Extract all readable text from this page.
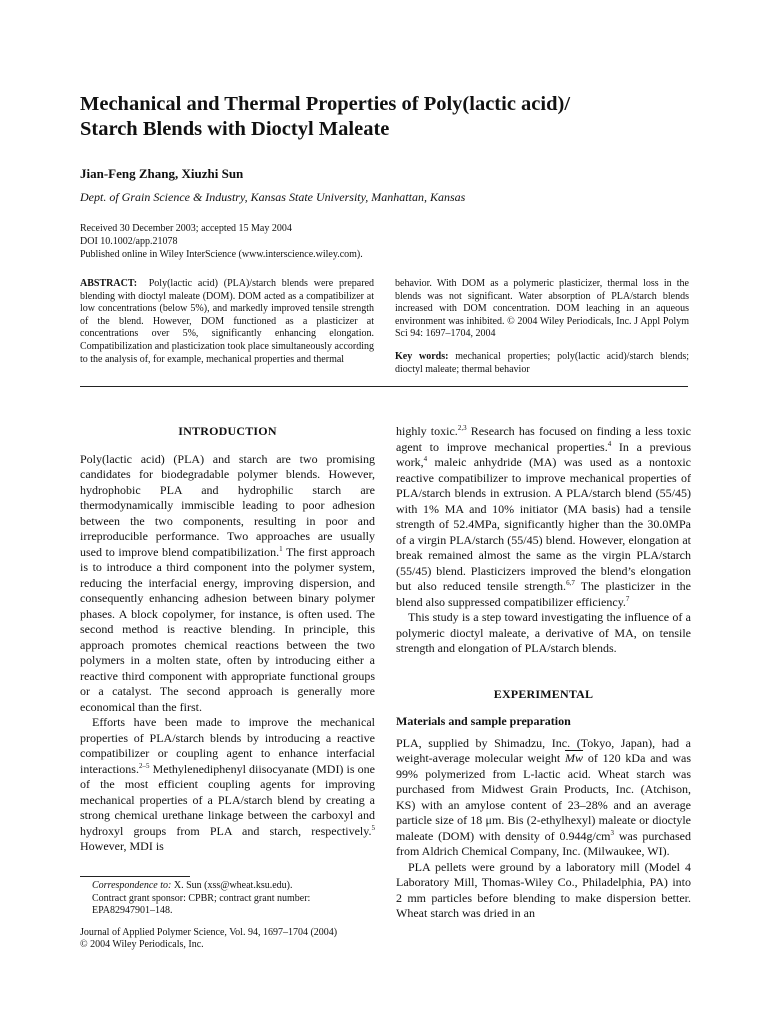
Mechanical and Thermal Properties of Poly(lactic acid)/
Starch Blends with Dioctyl Maleate
Jian-Feng Zhang, Xiuzhi Sun
Dept. of Grain Science & Industry, Kansas State University, Manhattan, Kansas
Received 30 December 2003; accepted 15 May 2004
DOI 10.1002/app.21078
Published online in Wiley InterScience (www.interscience.wiley.com).

ABSTRACT: Poly(lactic acid) (PLA)/starch blends were prepared blending with dioctyl maleate (DOM). DOM acted as a compatibilizer at low concentrations (below 5%), and markedly improved tensile strength of the blend. However, DOM functioned as a plasticizer at concentrations over 5%, significantly enhancing elongation. Compatibilization and plasticization took place simultaneously according to the analysis of, for example, mechanical properties and thermal

behavior. With DOM as a polymeric plasticizer, thermal loss in the blends was not significant. Water absorption of PLA/starch blends increased with DOM concentration. DOM leaching in an aqueous environment was inhibited. © 2004 Wiley Periodicals, Inc. J Appl Polym Sci 94: 1697–1704, 2004

Key words: mechanical properties; poly(lactic acid)/starch blends; dioctyl maleate; thermal behavior

INTRODUCTION

Poly(lactic acid) (PLA) and starch are two promising candidates for biodegradable polymer blends. However, hydrophobic PLA and hydrophilic starch are thermodynamically immiscible leading to poor adhesion between the two components, resulting in poor and irreproducible performance. Two approaches are usually used to improve blend compatibilization.$^1$ The first approach is to introduce a third component into the polymer system, reducing the interfacial energy, improving dispersion, and consequently enhancing adhesion between binary polymer phases. A block copolymer, for instance, is often used. The second method is reactive blending. In principle, this approach promotes chemical reactions between the two polymers in a molten state, often by introducing either a reactive third component with appropriate functional groups or a catalyst. The second approach is generally more economical than the first.

Efforts have been made to improve the mechanical properties of PLA/starch blends by introducing a reactive compatibilizer or coupling agent to enhance interfacial interactions.$^{2-5}$ Methylenediphenyl diisocyanate (MDI) is one of the most efficient coupling agents for improving mechanical properties of a PLA/starch blend by creating a strong chemical urethane linkage between the carboxyl and hydroxyl groups from PLA and starch, respectively.$^5$ However, MDI is

Correspondence to: X. Sun (xss@wheat.ksu.edu).
Contract grant sponsor: CPBR; contract grant number: EPA82947901–148.
Journal of Applied Polymer Science, Vol. 94, 1697–1704 (2004)
© 2004 Wiley Periodicals, Inc.

highly toxic.$^{2,3}$ Research has focused on finding a less toxic agent to improve mechanical properties.$^4$ In a previous work,$^4$ maleic anhydride (MA) was used as a nontoxic reactive compatibilizer to improve mechanical properties of PLA/starch blends in extrusion. A PLA/starch blend (55/45) with 1% MA and 10% initiator (MA basis) had a tensile strength of 52.4MPa, significantly higher than the 30.0MPa of a virgin PLA/starch (55/45) blend. However, elongation at break remained almost the same as the virgin PLA/starch (55/45) blend. Plasticizers improved the blend’s elongation but also reduced tensile strength.$^{6,7}$ The plasticizer in the blend also suppressed compatibilizer efficiency.$^7$

This study is a step toward investigating the influence of a polymeric dioctyl maleate, a derivative of MA, on tensile strength and elongation of PLA/starch blends.

EXPERIMENTAL
Materials and sample preparation

PLA, supplied by Shimadzu, Inc. (Tokyo, Japan), had a weight-average molecular weight $\overline{Mw}$ of 120 kDa and was 99% polymerized from L-lactic acid. Wheat starch was purchased from Midwest Grain Products, Inc. (Atchison, KS) with an amylose content of 23–28% and an average particle size of 18 μm. Bis (2-ethylhexyl) maleate or dioctyle maleate (DOM) with density of $0.944g/cm^3$ was purchased from Aldrich Chemical Company, Inc. (Milwaukee, WI).

PLA pellets were ground by a laboratory mill (Model 4 Laboratory Mill, Thomas-Wiley Co., Philadelphia, PA) into 2 mm particles before blending to make dispersion better. Wheat starch was dried in an
